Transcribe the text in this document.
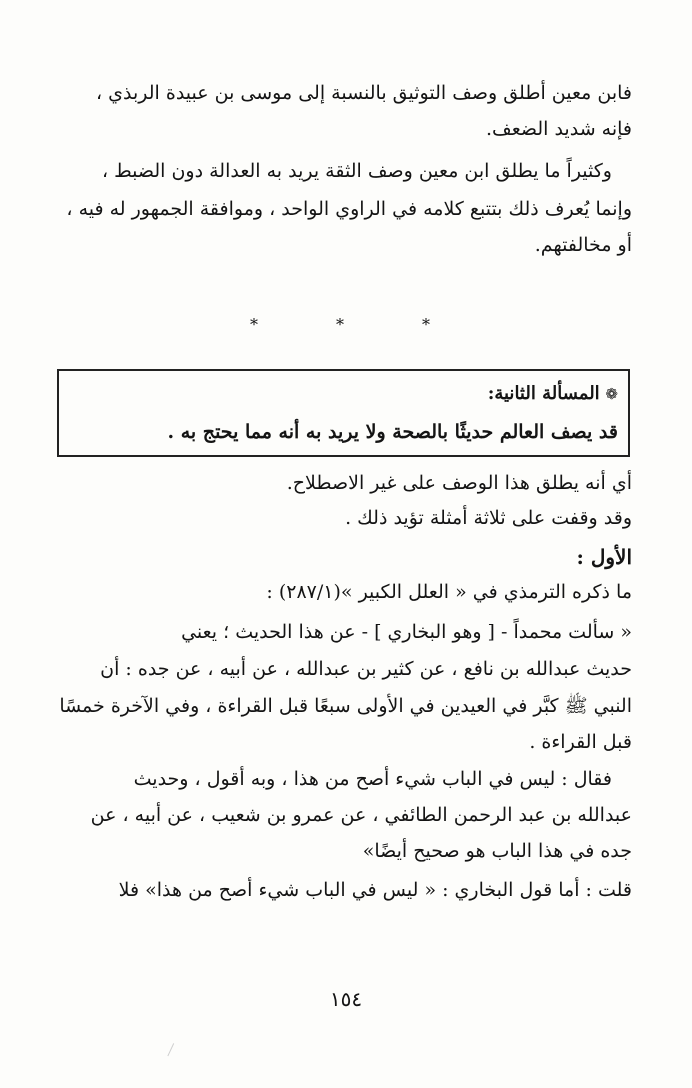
فابن معين أطلق وصف التوثيق بالنسبة إلى موسى بن عبيدة الربذي ،
فإنه شديد الضعف.
وكثيراً ما يطلق ابن معين وصف الثقة يريد به العدالة دون الضبط ،
وإنما يُعرف ذلك بتتبع كلامه في الراوي الواحد ، وموافقة الجمهور له فيه ،
أو مخالفتهم.
*	*	*
❁ المسألة الثانية:
قد يصف العالم حديثًا بالصحة ولا يريد به أنه مما يحتج به .
أي أنه يطلق هذا الوصف على غير الاصطلاح.
وقد وقفت على ثلاثة أمثلة تؤيد ذلك .
الأول :
ما ذكره الترمذي في « العلل الكبير »(٢٨٧/١) :
« سألت محمداً - [ وهو البخاري ] - عن هذا الحديث ؛ يعني
حديث عبدالله بن نافع ، عن كثير بن عبدالله ، عن أبيه ، عن جده : أن
النبي ﷺ كبَّر في العيدين في الأولى سبعًا قبل القراءة ، وفي الآخرة خمسًا
قبل القراءة .
فقال : ليس في الباب شيء أصح من هذا ، وبه أقول ، وحديث
عبدالله بن عبد الرحمن الطائفي ، عن عمرو بن شعيب ، عن أبيه ، عن
جده في هذا الباب هو صحيح أيضًا»
قلت : أما قول البخاري : « ليس في الباب شيء أصح من هذا» فلا
١٥٤
